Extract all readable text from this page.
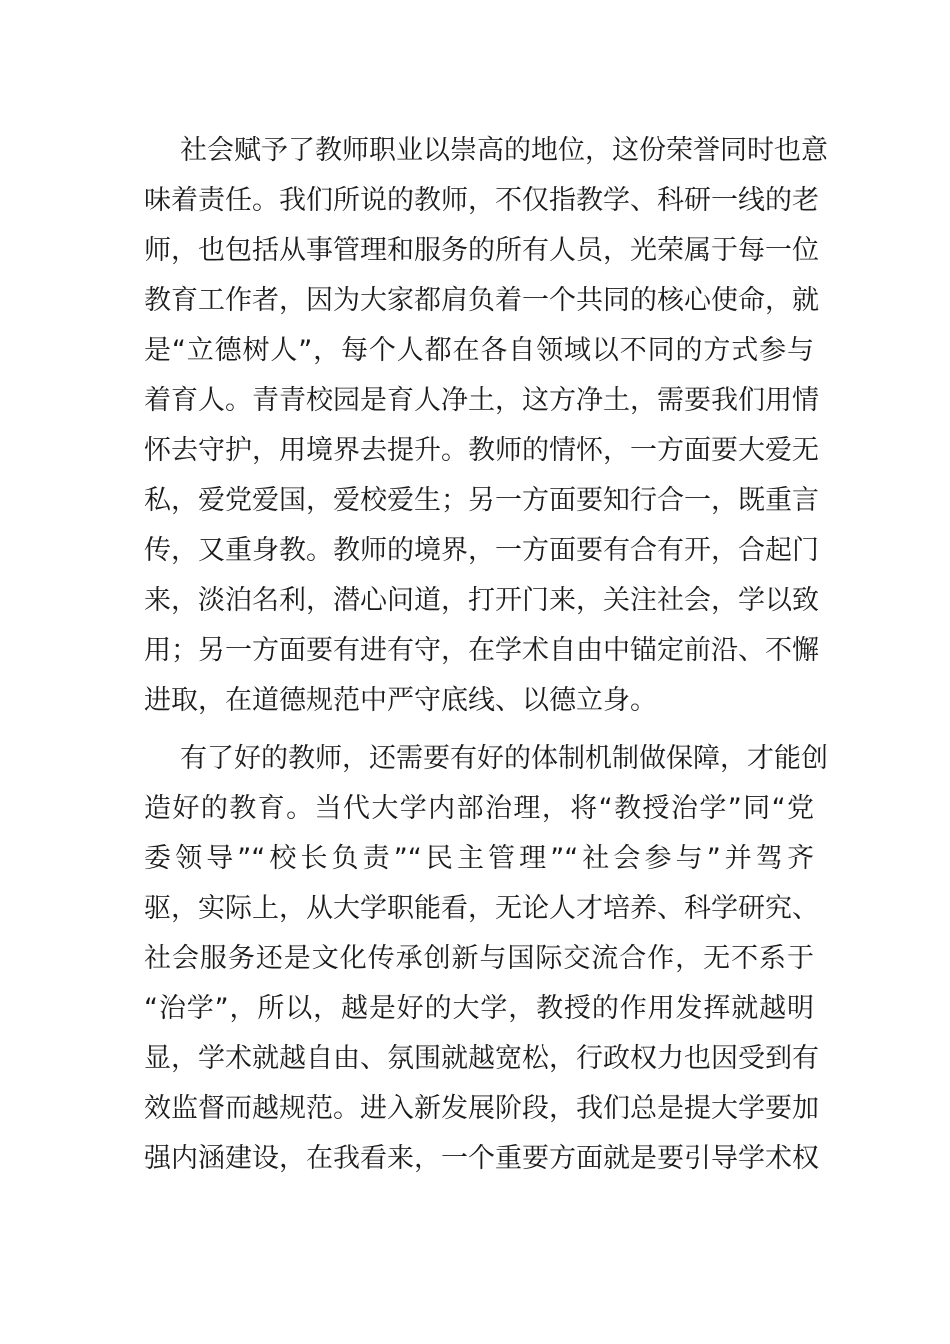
社会赋予了教师职业以崇高的地位，这份荣誉同时也意
味着责任。我们所说的教师，不仅指教学、科研一线的老
师，也包括从事管理和服务的所有人员，光荣属于每一位
教育工作者，因为大家都肩负着一个共同的核心使命，就
是“立德树人”，每个人都在各自领域以不同的方式参与
着育人。青青校园是育人净土，这方净土，需要我们用情
怀去守护，用境界去提升。教师的情怀，一方面要大爱无
私，爱党爱国，爱校爱生；另一方面要知行合一，既重言
传，又重身教。教师的境界，一方面要有合有开，合起门
来，淡泊名利，潜心问道，打开门来，关注社会，学以致
用；另一方面要有进有守，在学术自由中锚定前沿、不懈
进取，在道德规范中严守底线、以德立身。
有了好的教师，还需要有好的体制机制做保障，才能创
造好的教育。当代大学内部治理，将“教授治学”同“党
委领导”“校长负责”“民主管理”“社会参与”并驾齐
驱，实际上，从大学职能看，无论人才培养、科学研究、
社会服务还是文化传承创新与国际交流合作，无不系于
“治学”，所以，越是好的大学，教授的作用发挥就越明
显，学术就越自由、氛围就越宽松，行政权力也因受到有
效监督而越规范。进入新发展阶段，我们总是提大学要加
强内涵建设，在我看来，一个重要方面就是要引导学术权
